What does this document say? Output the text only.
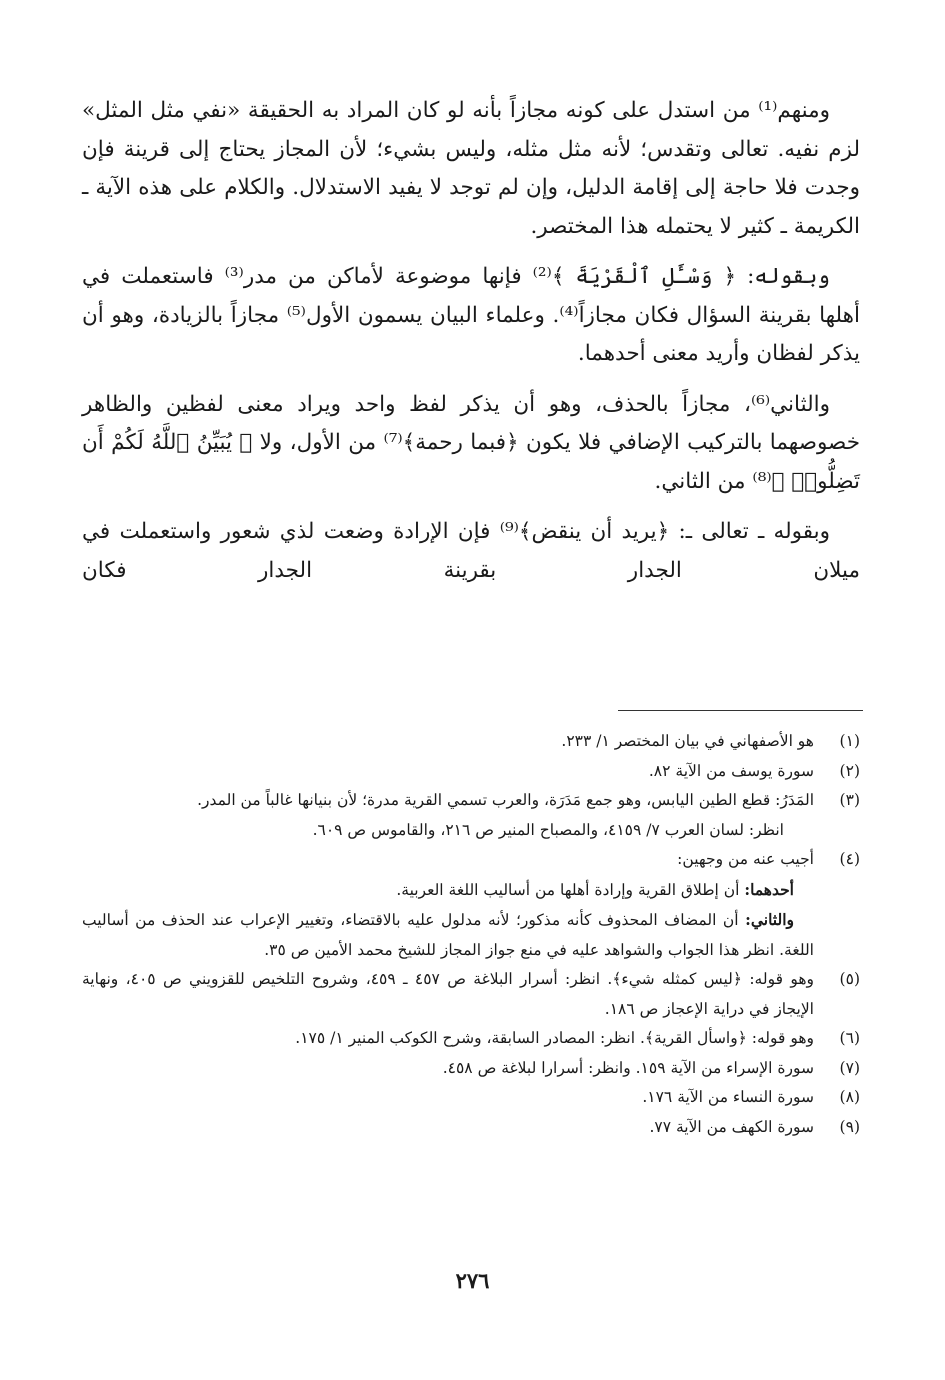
ومنهم⁽¹⁾ من استدل على كونه مجازاً بأنه لو كان المراد به الحقيقة «نفي مثل المثل» لزم نفيه. تعالى وتقدس؛ لأنه مثل مثله، وليس بشيء؛ لأن المجاز يحتاج إلى قرينة فإن وجدت فلا حاجة إلى إقامة الدليل، وإن لم توجد لا يفيد الاستدلال. والكلام على هذه الآية ـ الكريمة ـ كثير لا يحتمله هذا المختصر.

وبقوله: ﴿ وَسْـَٔلِ ٱلْقَرْيَةَ ﴾⁽²⁾ فإنها موضوعة لأماكن من مدر⁽³⁾ فاستعملت في أهلها بقرينة السؤال فكان مجازاً⁽⁴⁾. وعلماء البيان يسمون الأول⁽⁵⁾ مجازاً بالزيادة، وهو أن يذكر لفظان وأريد معنى أحدهما.

والثاني⁽⁶⁾، مجازاً بالحذف، وهو أن يذكر لفظ واحد ويراد معنى لفظين والظاهر خصوصهما بالتركيب الإضافي فلا يكون ﴿فبما رحمة﴾⁽⁷⁾ من الأول، ولا ﴿ يُبَيِّنُ ٱللَّهُ لَكُمْ أَن تَضِلُّوا۟ ﴾⁽⁸⁾ من الثاني.

وبقوله ـ تعالى ـ: ﴿يريد أن ينقض﴾⁽⁹⁾ فإن الإرادة وضعت لذي شعور واستعملت في ميلان الجدار بقرينة الجدار فكان

(١)

هو الأصفهاني في بيان المختصر ١/ ٢٣٣.

(٢)

سورة يوسف من الآية ٨٢.

(٣)

المَدَرُ: قطع الطين اليابس، وهو جمع مَدَرَة، والعرب تسمي القرية مدرة؛ لأن بنيانها غالباً من المدر.

انظر: لسان العرب ٧/ ٤١٥٩، والمصباح المنير ص ٢١٦، والقاموس ص ٦٠٩.

(٤)

أجيب عنه من وجهين:

أحدهما: أن إطلاق القرية وإرادة أهلها من أساليب اللغة العربية.

والثاني: أن المضاف المحذوف كأنه مذكور؛ لأنه مدلول عليه بالاقتضاء، وتغيير الإعراب عند الحذف من أساليب اللغة. انظر هذا الجواب والشواهد عليه في منع جواز المجاز للشيخ محمد الأمين ص ٣٥.

(٥)

وهو قوله: ﴿ليس كمثله شيء﴾. انظر: أسرار البلاغة ص ٤٥٧ ـ ٤٥٩، وشروح التلخيص للقزويني ص ٤٠٥، ونهاية الإيجاز في دراية الإعجاز ص ١٨٦.

(٦)

وهو قوله: ﴿واسأل القرية﴾. انظر: المصادر السابقة، وشرح الكوكب المنير ١/ ١٧٥.

(٧)

سورة الإسراء من الآية ١٥٩. وانظر: أسرارا لبلاغة ص ٤٥٨.

(٨)

سورة النساء من الآية ١٧٦.

(٩)

سورة الكهف من الآية ٧٧.

٢٧٦
